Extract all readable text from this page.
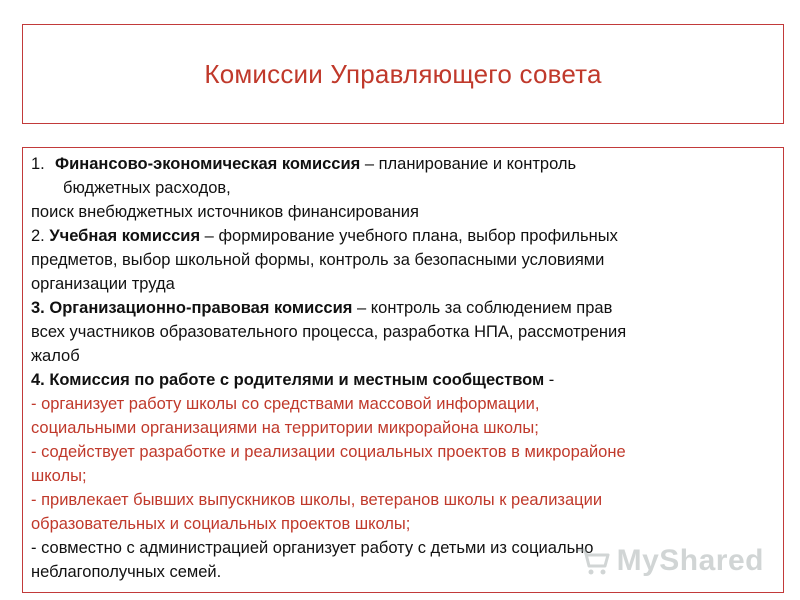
Комиссии Управляющего совета
1. Финансово-экономическая комиссия – планирование и контроль
бюджетных расходов,
поиск внебюджетных источников финансирования
2. Учебная комиссия – формирование учебного плана, выбор профильных
предметов, выбор школьной формы, контроль за безопасными условиями
организации труда
3. Организационно-правовая комиссия – контроль за соблюдением прав
всех участников образовательного процесса, разработка НПА, рассмотрения
жалоб
4. Комиссия по работе с родителями и местным сообществом -
- организует работу школы со средствами массовой информации,
социальными организациями на территории микрорайона школы;
- содействует разработке и реализации социальных проектов в микрорайоне
школы;
- привлекает бывших выпускников школы, ветеранов школы к реализации
образовательных и социальных проектов школы;
- совместно с администрацией организует работу с детьми из социально
неблагополучных семей.	MyShared
